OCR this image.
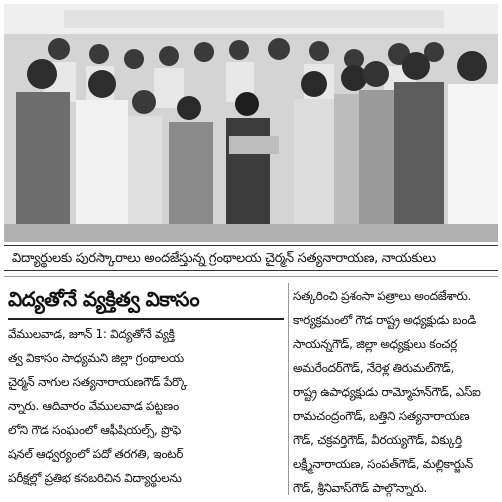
విద్యార్థులకు పురస్కారాలు అందజేస్తున్న గ్రంథాలయ చైర్మన్ సత్యనారాయణ, నాయకులు
విద్యతోనే వ్యక్తిత్వ వికాసం
వేములవాడ, జూన్ 1: విద్యతోనే వ్యక్తి
త్వ వికాసం సాధ్యమని జిల్లా గ్రంథాలయ
చైర్మన్ నాగుల సత్యనారాయణగౌడ్ పేర్కొ
న్నారు. ఆదివారం వేములవాడ పట్టణం
లోని గౌడ సంఘంలో ఆఫీషియల్స్, ప్రొఫె
షనల్ ఆధ్వర్యంలో పదో తరగతి, ఇంటర్
పరీక్షల్లో ప్రతిభ కనబరిచిన విద్యార్థులను
సత్కరించి ప్రశంసా పత్రాలు అందజేశారు.
కార్యక్రమంలో గౌడ రాష్ట్ర అధ్యక్షుడు బండి
సాయన్నగౌడ్, జిల్లా అధ్యక్షులు కంచర్ల
అమరేందర్‌గౌడ్, నేరెళ్ల తిరుమల్‌గౌడ్,
రాష్ట్ర ఉపాధ్యక్షుడు రామ్మోహన్‌గౌడ్, ఎస్ఐ
రామచంద్రంగౌడ్, బత్తిని సత్యనారాయణ
గౌడ్, చక్రవర్తిగౌడ్, వీరయ్యగౌడ్, విక్కుర్తి
లక్ష్మీనారాయణ, సంపత్‌గౌడ్, మల్లికార్జున్
గౌడ్, శ్రీనివాస్‌గౌడ్ పాల్గొన్నారు.
